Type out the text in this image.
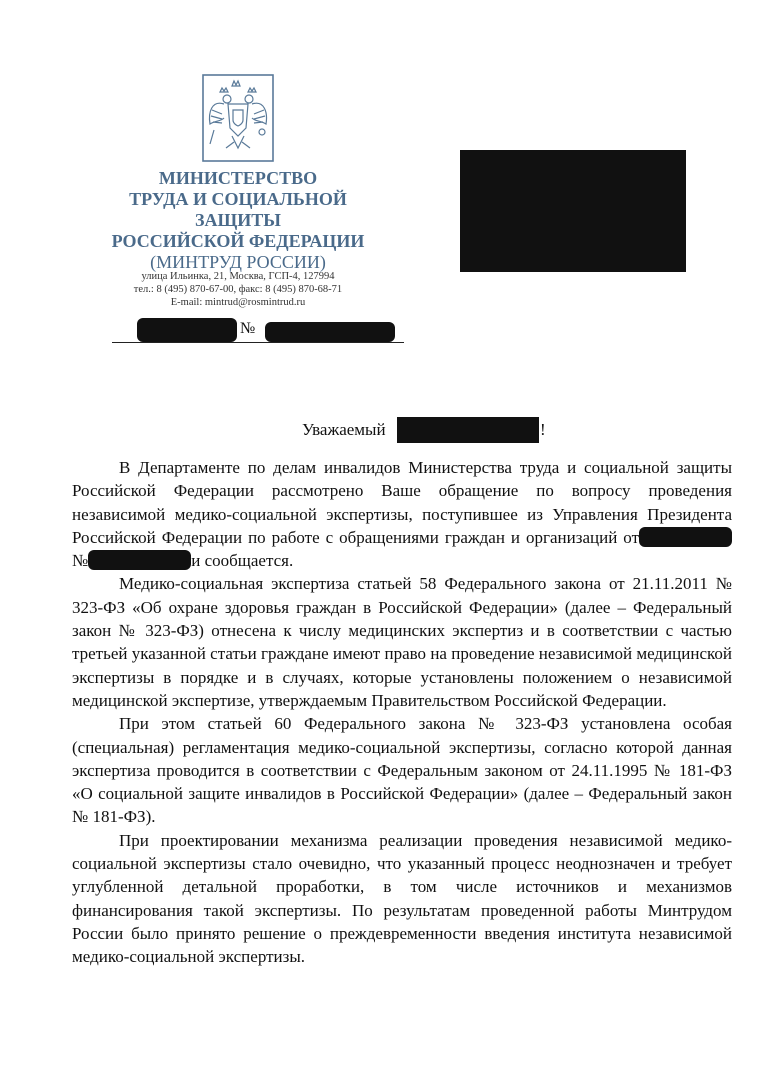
МИНИСТЕРСТВО
ТРУДА И СОЦИАЛЬНОЙ
ЗАЩИТЫ
РОССИЙСКОЙ ФЕДЕРАЦИИ
(МИНТРУД РОССИИ)
улица Ильинка, 21, Москва, ГСП-4, 127994
тел.: 8 (495) 870-67-00, факс: 8 (495) 870-68-71
E-mail: mintrud@rosmintrud.ru
№
Уважаемый	!

В Департаменте по делам инвалидов Министерства труда и социальной защиты Российской Федерации рассмотрено Ваше обращение по вопросу проведения независимой медико-социальной экспертизы, поступившее из Управления Президента Российской Федерации по работе с обращениями граждан и организаций от№	и сообщается.

Медико-социальная экспертиза статьей 58 Федерального закона от 21.11.2011 № 323-ФЗ «Об охране здоровья граждан в Российской Федерации» (далее – Федеральный закон № 323-ФЗ) отнесена к числу медицинских экспертиз и в соответствии с частью третьей указанной статьи граждане имеют право на проведение независимой медицинской экспертизы в порядке и в случаях, которые установлены положением о независимой медицинской экспертизе, утверждаемым Правительством Российской Федерации.

При этом статьей 60 Федерального закона № 323-ФЗ установлена особая (специальная) регламентация медико-социальной экспертизы, согласно которой данная экспертиза проводится в соответствии с Федеральным законом от 24.11.1995 № 181-ФЗ «О социальной защите инвалидов в Российской Федерации» (далее – Федеральный закон № 181-ФЗ).

При проектировании механизма реализации проведения независимой медико-социальной экспертизы стало очевидно, что указанный процесс неоднозначен и требует углубленной детальной проработки, в том числе источников и механизмов финансирования такой экспертизы. По результатам проведенной работы Минтрудом России было принято решение о преждевременности введения института независимой медико-социальной экспертизы.
